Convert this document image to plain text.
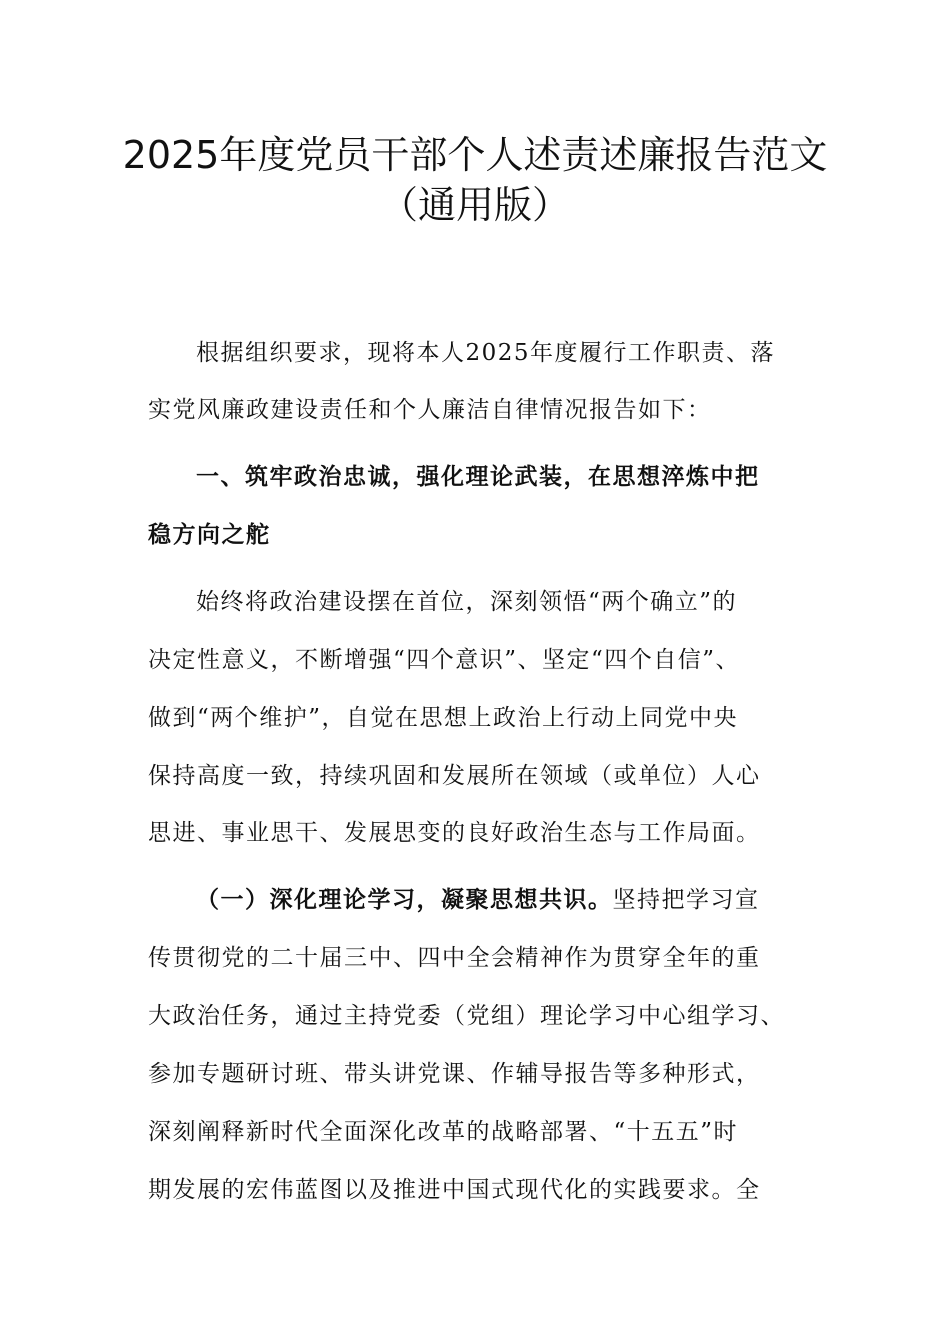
2025年度党员干部个人述责述廉报告范文
（通用版）
根据组织要求，现将本人2025年度履行工作职责、落
实党风廉政建设责任和个人廉洁自律情况报告如下：
一、筑牢政治忠诚，强化理论武装，在思想淬炼中把
稳方向之舵
始终将政治建设摆在首位，深刻领悟“两个确立”的
决定性意义，不断增强“四个意识”、坚定“四个自信”、
做到“两个维护”，自觉在思想上政治上行动上同党中央
保持高度一致，持续巩固和发展所在领域（或单位）人心
思进、事业思干、发展思变的良好政治生态与工作局面。
（一）深化理论学习，凝聚思想共识。坚持把学习宣
传贯彻党的二十届三中、四中全会精神作为贯穿全年的重
大政治任务，通过主持党委（党组）理论学习中心组学习、
参加专题研讨班、带头讲党课、作辅导报告等多种形式，
深刻阐释新时代全面深化改革的战略部署、“十五五”时
期发展的宏伟蓝图以及推进中国式现代化的实践要求。全
